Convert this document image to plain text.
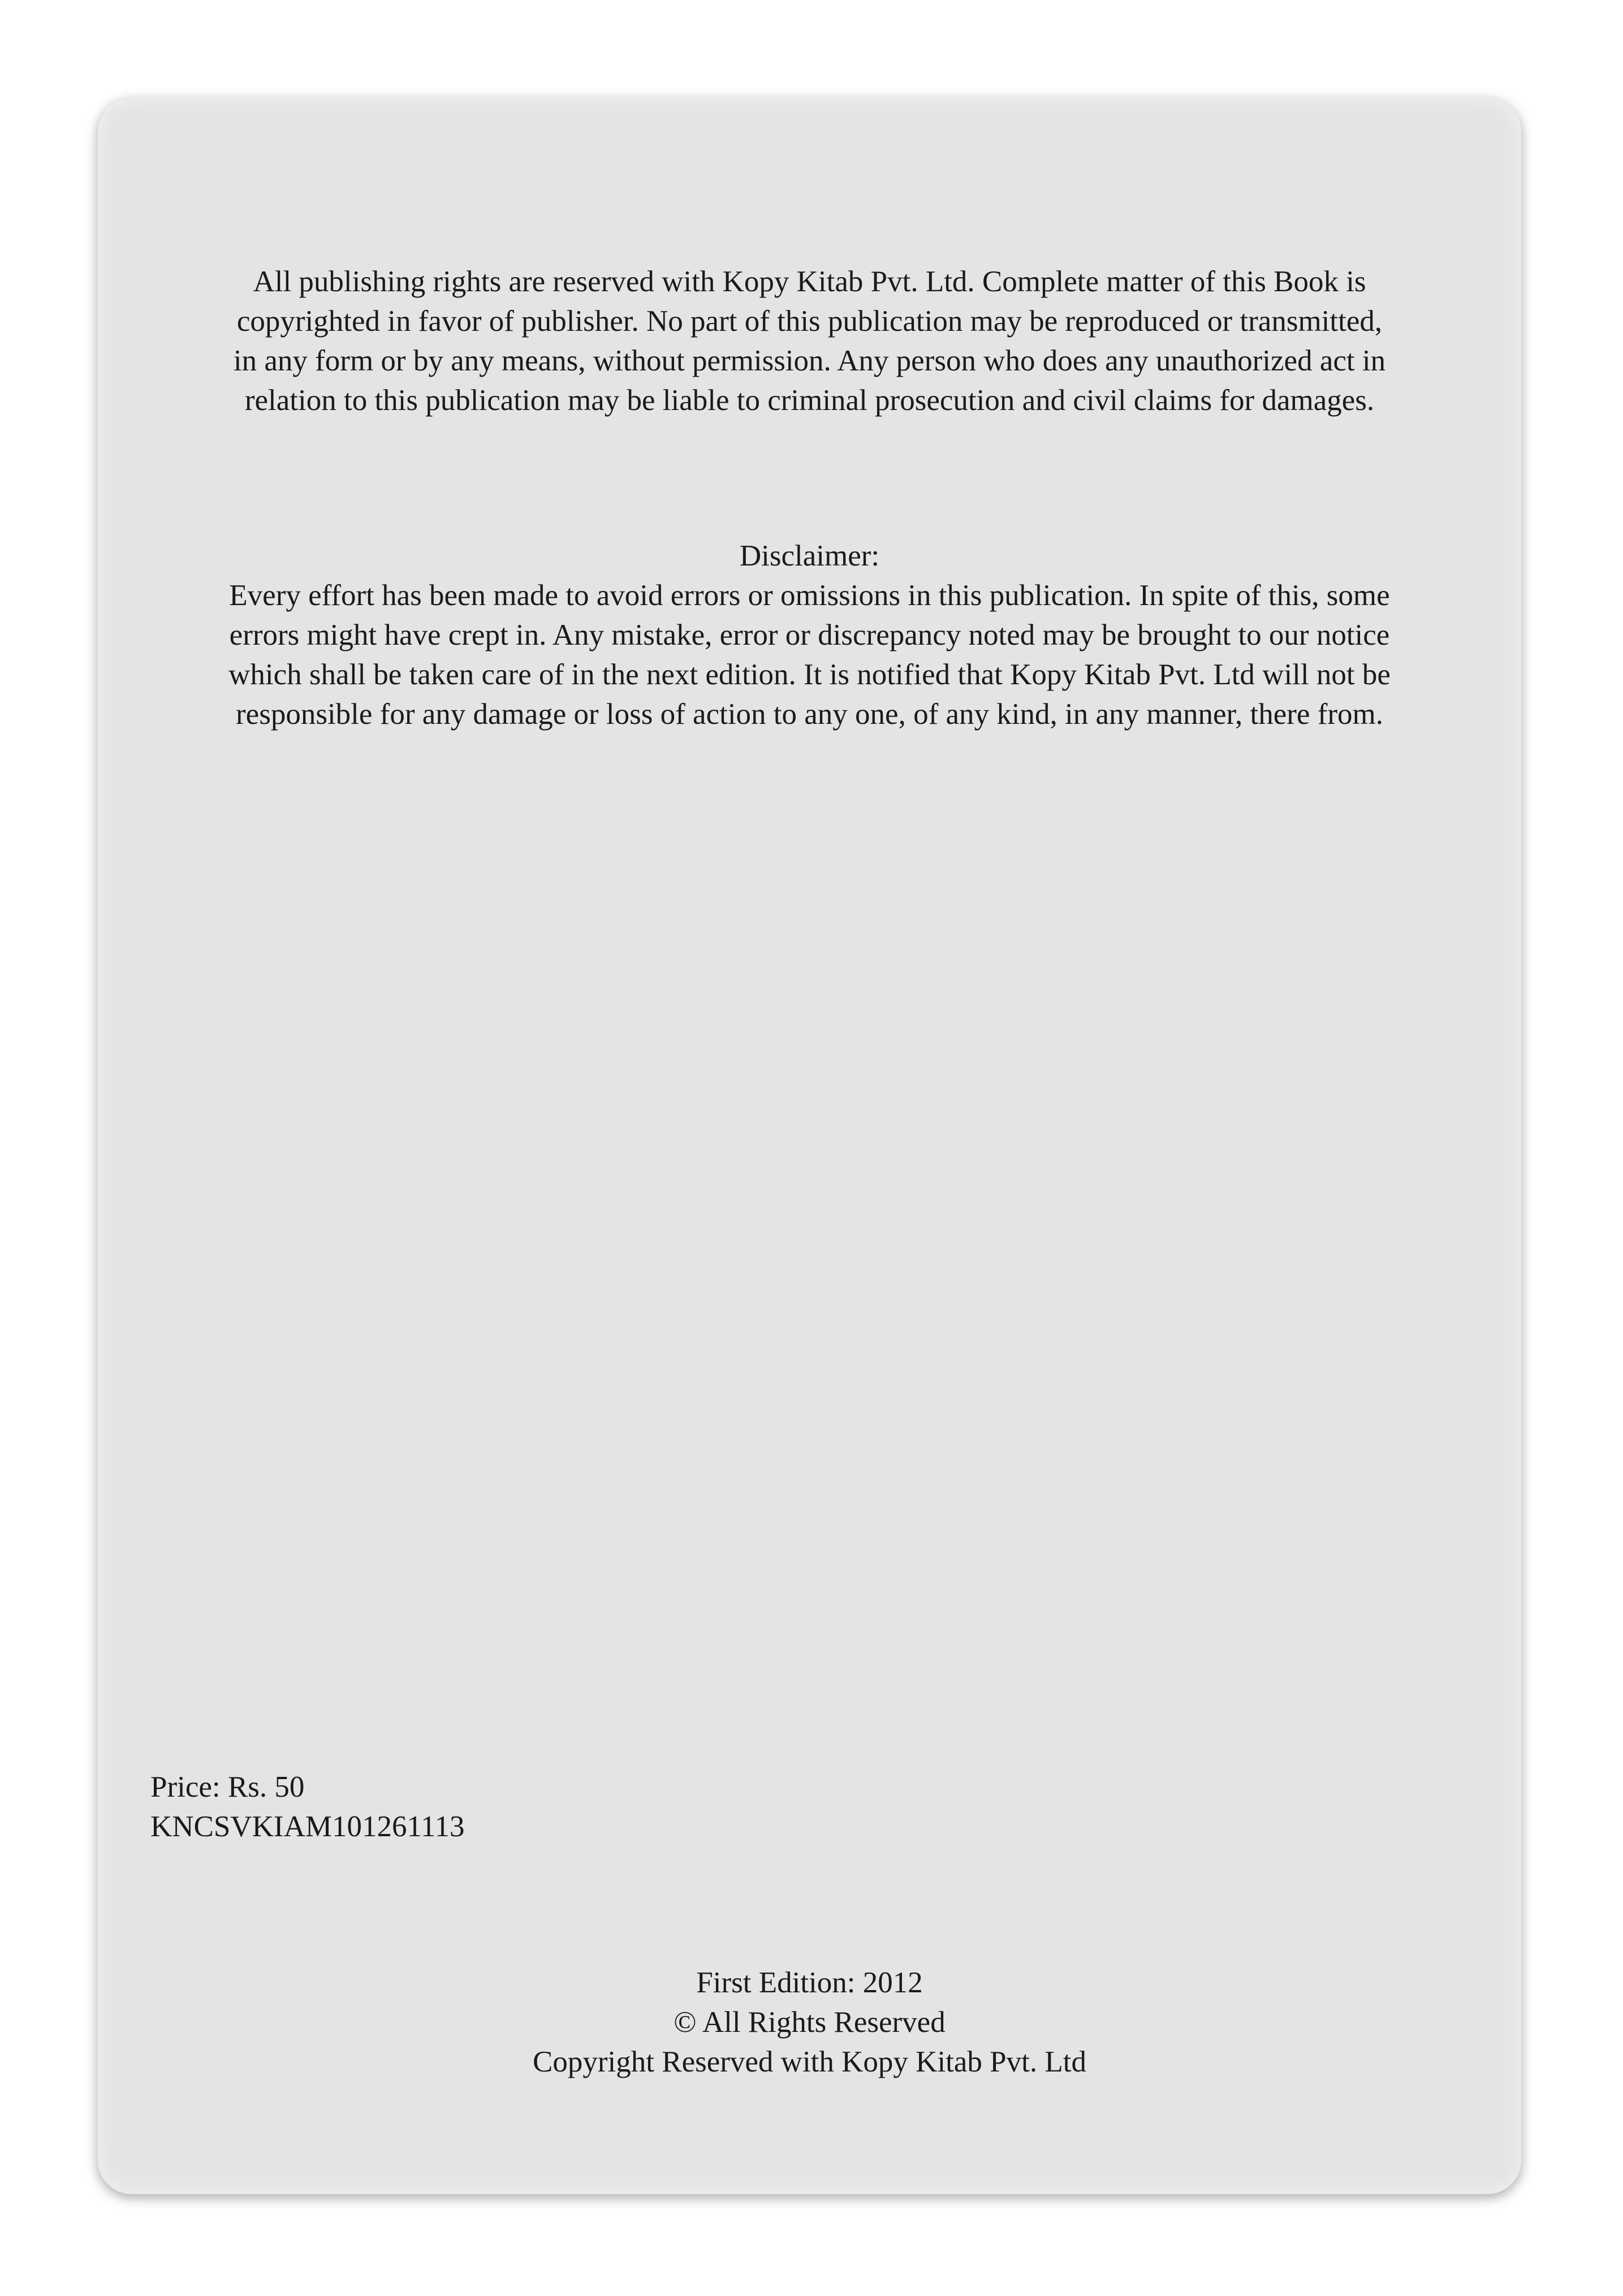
All publishing rights are reserved with Kopy Kitab Pvt. Ltd. Complete matter of this Book is
copyrighted in favor of publisher. No part of this publication may be reproduced or transmitted,
in any form or by any means, without permission. Any person who does any unauthorized act in
relation to this publication may be liable to criminal prosecution and civil claims for damages.
Disclaimer:
Every effort has been made to avoid errors or omissions in this publication. In spite of this, some
errors might have crept in. Any mistake, error or discrepancy noted may be brought to our notice
which shall be taken care of in the next edition. It is notified that Kopy Kitab Pvt. Ltd will not be
responsible for any damage or loss of action to any one, of any kind, in any manner, there from.
Price: Rs. 50
KNCSVKIAM101261113
First Edition: 2012
© All Rights Reserved
Copyright Reserved with Kopy Kitab Pvt. Ltd
